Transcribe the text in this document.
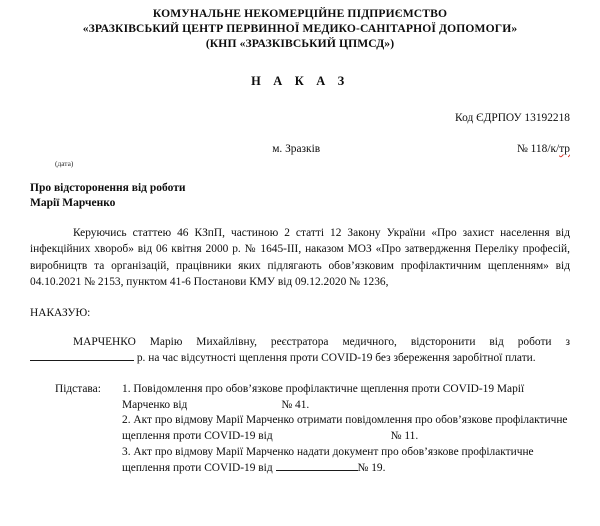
КОМУНАЛЬНЕ НЕКОМЕРЦІЙНЕ ПІДПРИЄМСТВО
«ЗРАЗКІВСЬКИЙ ЦЕНТР ПЕРВИННОЇ МЕДИКО-САНІТАРНОЇ ДОПОМОГИ»
(КНП «ЗРАЗКІВСЬКИЙ ЦПМСД»)
Н А К А З
Код ЄДРПОУ 13192218
м. Зразків	№ 118/к/тр
(дата)
Про відсторонення від роботи
Марії Марченко
Керуючись статтею 46 КЗпП, частиною 2 статті 12 Закону України «Про захист населення від інфекційних хвороб» від 06 квітня 2000 р. № 1645-III, наказом МОЗ «Про затвердження Переліку професій, виробництв та організацій, працівники яких підлягають обов’язковим профілактичним щепленням» від 04.10.2021 № 2153, пунктом 41-6 Постанови КМУ від 09.12.2020 № 1236,
НАКАЗУЮ:
МАРЧЕНКО Марію Михайлівну, реєстратора медичного, відсторонити від роботи з  р. на час відсутності щеплення проти COVID-19 без збереження заробітної плати.
Підстава:	1. Повідомлення про обов’язкове профілактичне щеплення проти COVID-19 Марії Марченко від	№ 41.
2. Акт про відмову Марії Марченко отримати повідомлення про обов’язкове профілактичне щеплення проти COVID-19 від	№ 11.
3. Акт про відмову Марії Марченко надати документ про обов’язкове профілактичне щеплення проти COVID-19 від	№ 19.
